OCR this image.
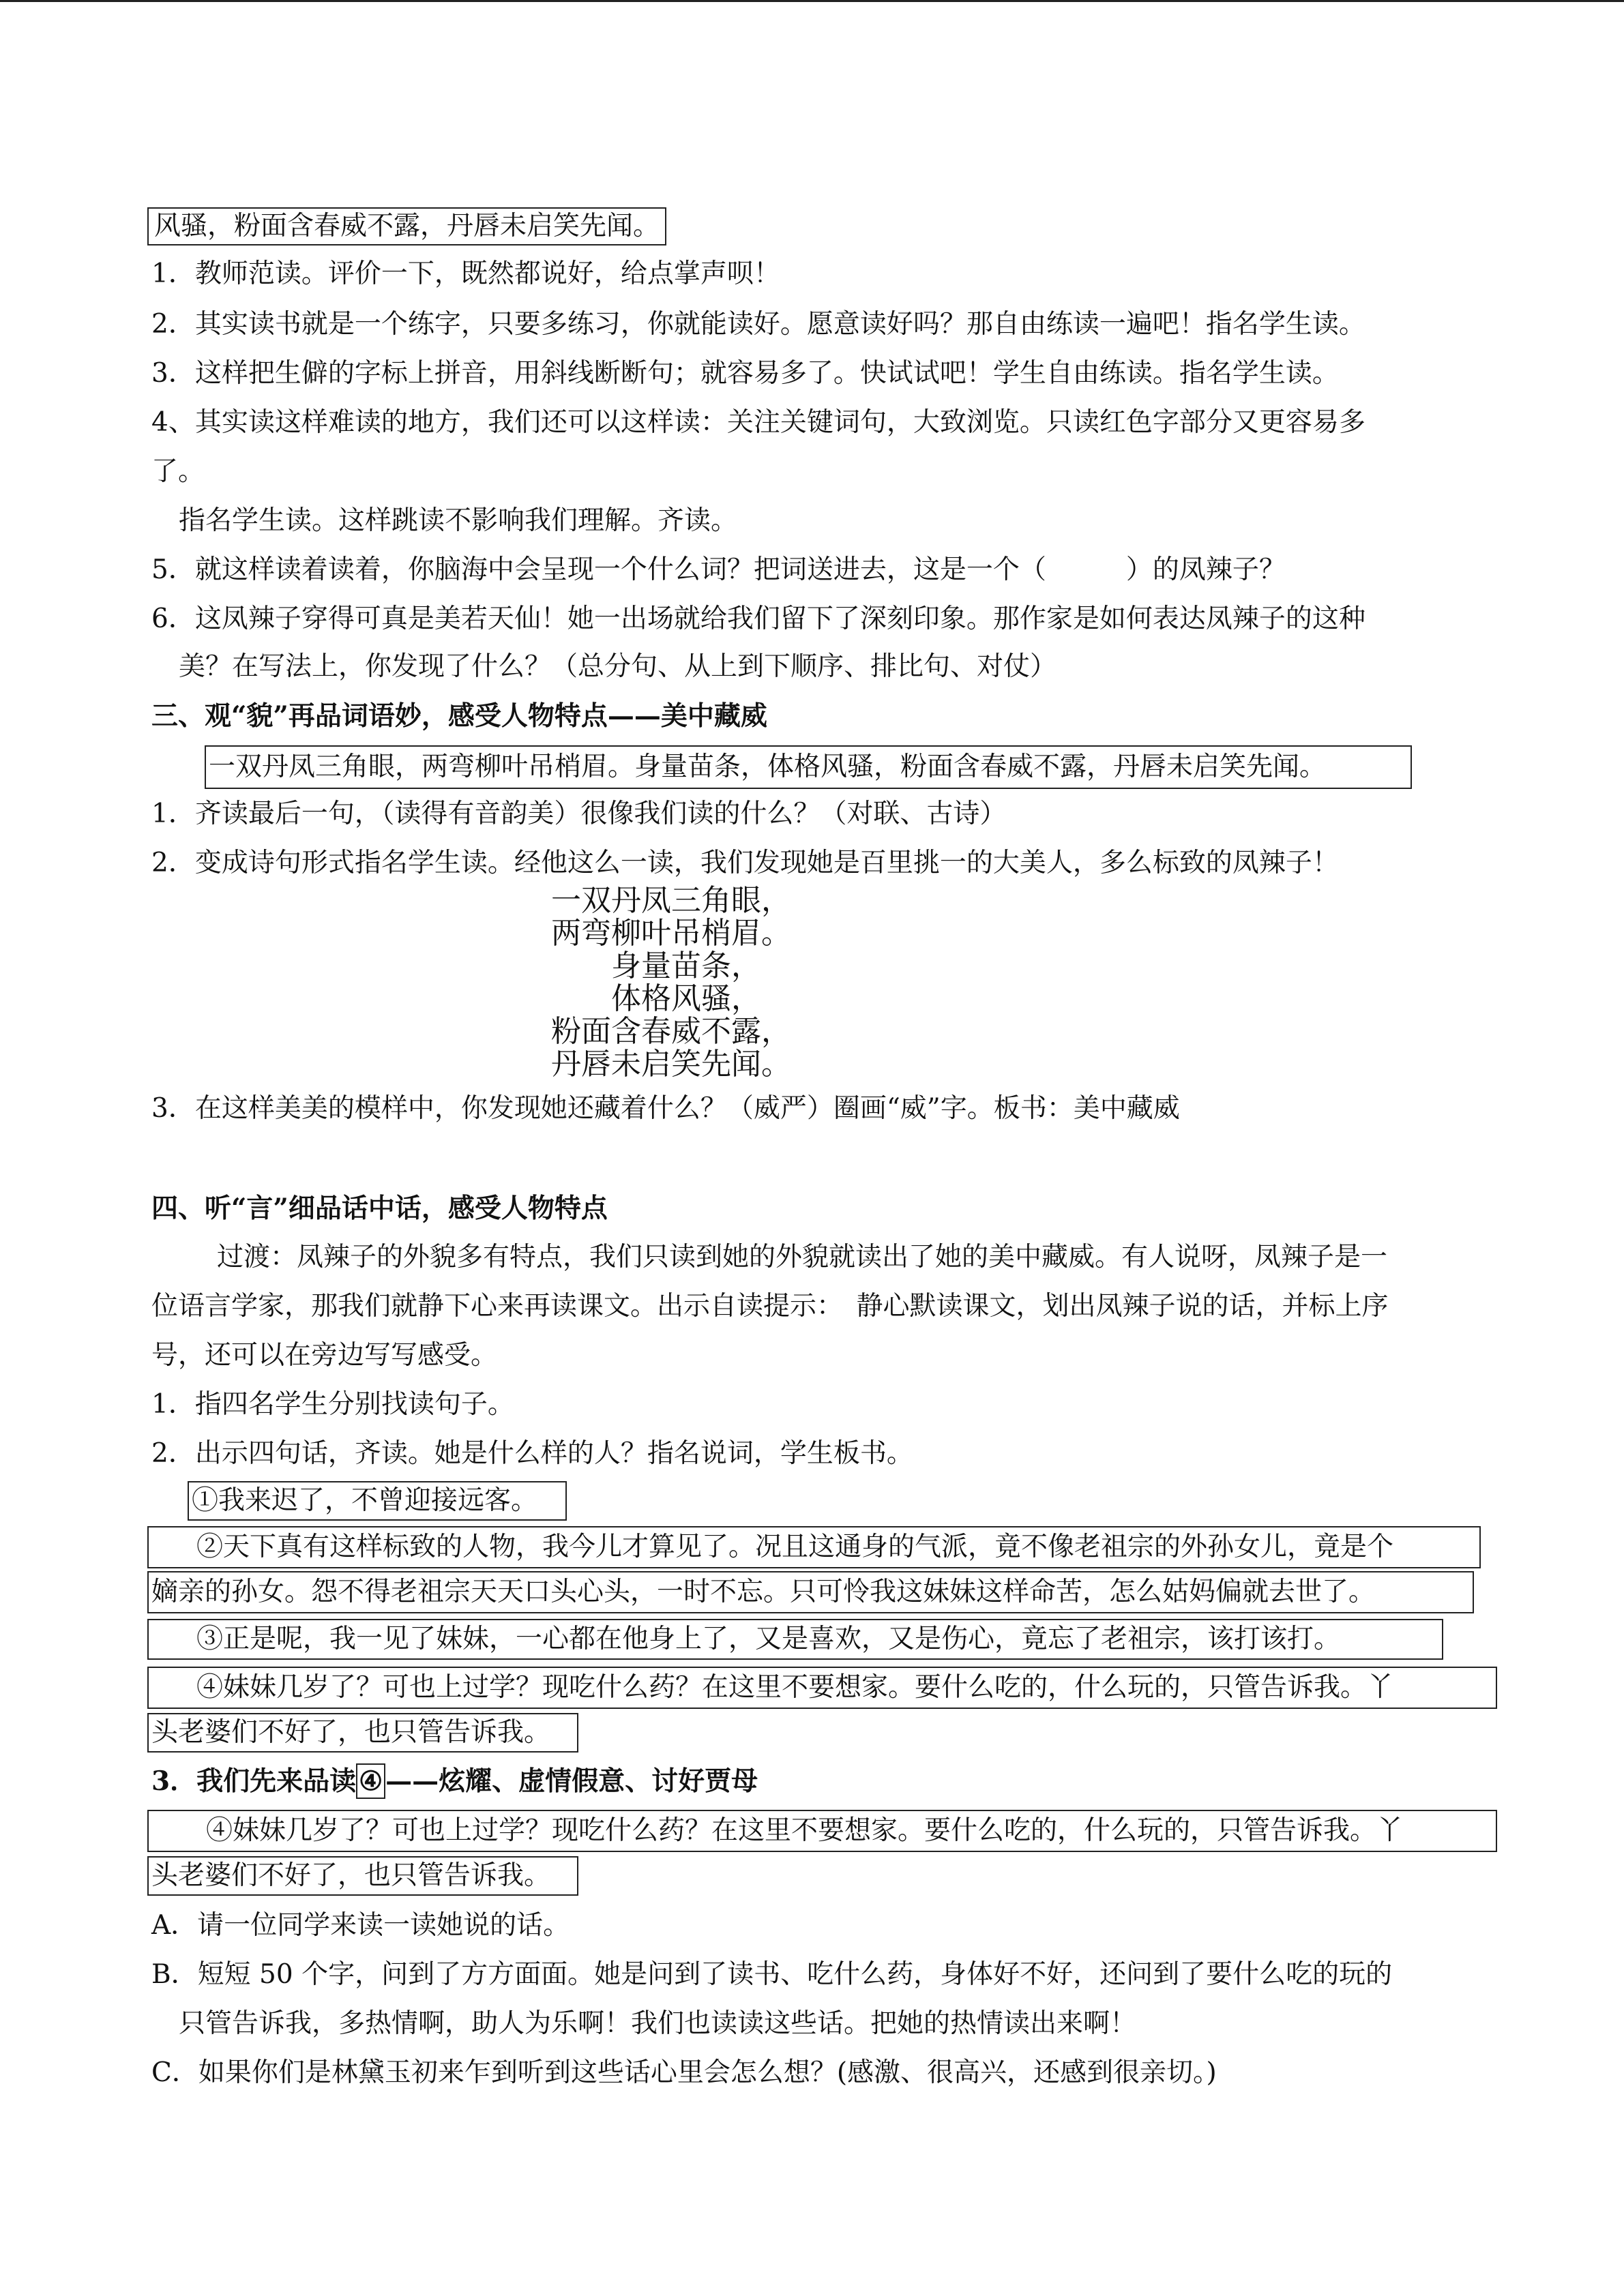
风骚，粉面含春威不露，丹唇未启笑先闻。
1．教师范读。评价一下，既然都说好，给点掌声呗！
2．其实读书就是一个练字，只要多练习，你就能读好。愿意读好吗？那自由练读一遍吧！指名学生读。
3．这样把生僻的字标上拼音，用斜线断断句；就容易多了。快试试吧！学生自由练读。指名学生读。
4、其实读这样难读的地方，我们还可以这样读：关注关键词句，大致浏览。只读红色字部分又更容易多
了。
指名学生读。这样跳读不影响我们理解。齐读。
5．就这样读着读着，你脑海中会呈现一个什么词？把词送进去，这是一个（　　　）的凤辣子？
6．这凤辣子穿得可真是美若天仙！她一出场就给我们留下了深刻印象。那作家是如何表达凤辣子的这种
美？在写法上，你发现了什么？（总分句、从上到下顺序、排比句、对仗）
三、观“貌”再品词语妙，感受人物特点——美中藏威
一双丹凤三角眼，两弯柳叶吊梢眉。身量苗条，体格风骚，粉面含春威不露，丹唇未启笑先闻。
1．齐读最后一句，（读得有音韵美）很像我们读的什么？（对联、古诗）
2．变成诗句形式指名学生读。经他这么一读，我们发现她是百里挑一的大美人，多么标致的凤辣子！
一双丹凤三角眼，
两弯柳叶吊梢眉。
身量苗条，
体格风骚，
粉面含春威不露，
丹唇未启笑先闻。
3．在这样美美的模样中，你发现她还藏着什么？（威严）圈画“威”字。板书：美中藏威
四、听“言”细品话中话，感受人物特点
过渡：凤辣子的外貌多有特点，我们只读到她的外貌就读出了她的美中藏威。有人说呀，凤辣子是一
位语言学家，那我们就静下心来再读课文。出示自读提示：　静心默读课文，划出凤辣子说的话，并标上序
号，还可以在旁边写写感受。
1．指四名学生分别找读句子。
2．出示四句话，齐读。她是什么样的人？指名说词，学生板书。
①我来迟了，不曾迎接远客。
②天下真有这样标致的人物，我今儿才算见了。况且这通身的气派，竟不像老祖宗的外孙女儿，竟是个
嫡亲的孙女。怨不得老祖宗天天口头心头，一时不忘。只可怜我这妹妹这样命苦，怎么姑妈偏就去世了。
③正是呢，我一见了妹妹，一心都在他身上了，又是喜欢，又是伤心，竟忘了老祖宗，该打该打。
④妹妹几岁了？可也上过学？现吃什么药？在这里不要想家。要什么吃的，什么玩的，只管告诉我。丫
头老婆们不好了，也只管告诉我。
3．我们先来品读 ④ ——炫耀、虚情假意、讨好贾母
④妹妹几岁了？可也上过学？现吃什么药？在这里不要想家。要什么吃的，什么玩的，只管告诉我。丫
头老婆们不好了，也只管告诉我。
A．请一位同学来读一读她说的话。
B．短短 50 个字，问到了方方面面。她是问到了读书、吃什么药，身体好不好，还问到了要什么吃的玩的
只管告诉我，多热情啊，助人为乐啊！我们也读读这些话。把她的热情读出来啊！
C．如果你们是林黛玉初来乍到听到这些话心里会怎么想？(感激、很高兴，还感到很亲切。)
